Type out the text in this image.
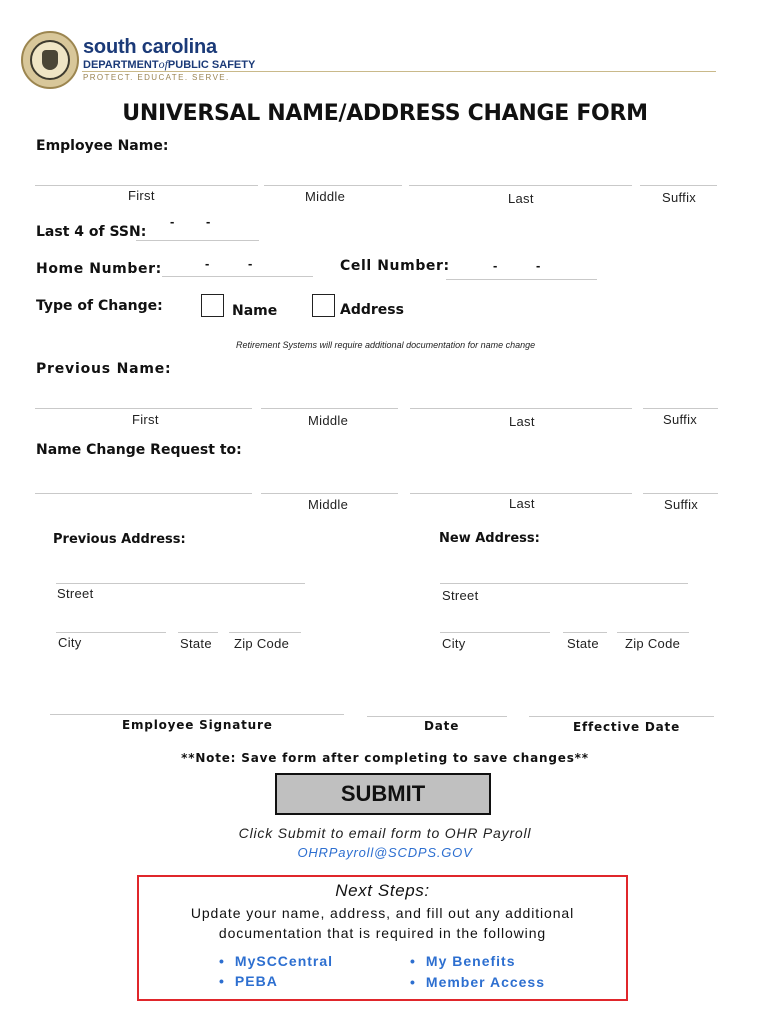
south carolina
DEPARTMENTofPUBLIC SAFETY
PROTECT. EDUCATE. SERVE.
UNIVERSAL NAME/ADDRESS CHANGE FORM
Employee Name:
First	Middle	Last	Suffix
Last 4 of SSN:
- -
Home Number:	-	-	Cell Number:	-	-
Type of Change:	Name	Address
Retirement Systems will require additional documentation for name change
Previous Name:
First	Middle	Last	Suffix
Name Change Request to:
Middle	Last	Suffix
Previous Address:	New Address:
Street	Street
City	State Zip Code	City	State Zip Code
Employee Signature	Date	Effective Date
**Note: Save form after completing to save changes**
SUBMIT
Click Submit to email form to OHR Payroll
OHRPayroll@SCDPS.GOV
Next Steps:
Update your name, address, and fill out any additional
documentation that is required in the following
• MySCCentral
• PEBA
• My Benefits
• Member Access
